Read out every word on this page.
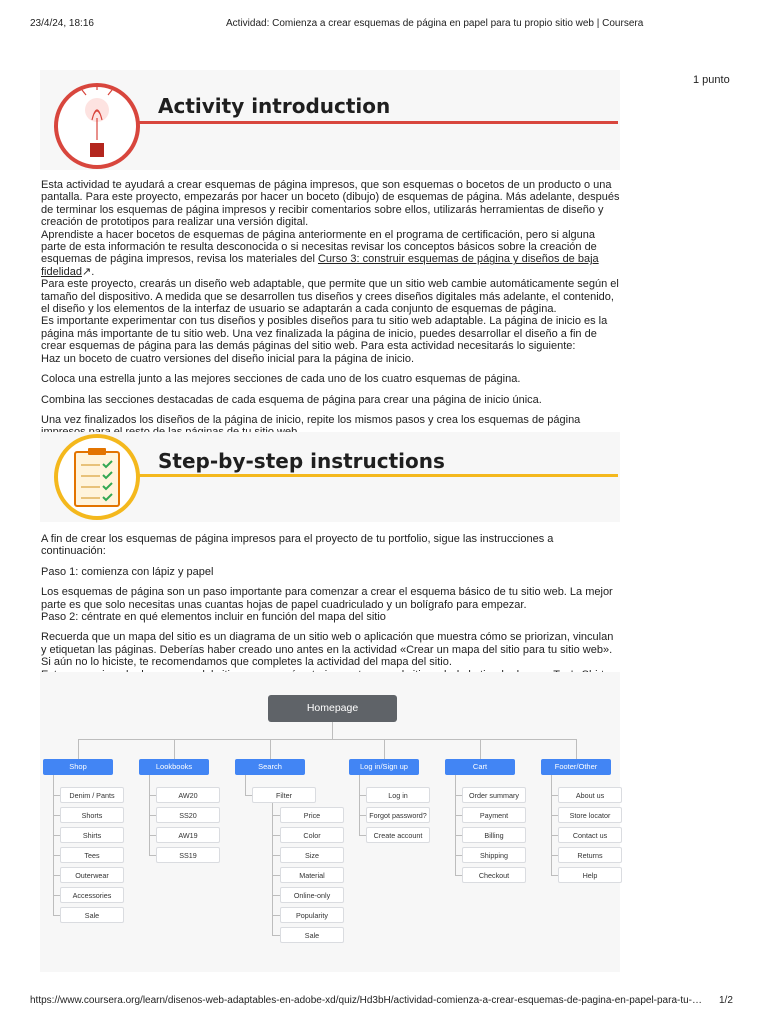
23/4/24, 18:16	Actividad: Comienza a crear esquemas de página en papel para tu propio sitio web | Coursera
1 punto
Activity introduction

Esta actividad te ayudará a crear esquemas de página impresos, que son esquemas o bocetos de un producto o una pantalla. Para este proyecto, empezarás por hacer un boceto (dibujo) de esquemas de página. Más adelante, después de terminar los esquemas de página impresos y recibir comentarios sobre ellos, utilizarás herramientas de diseño y creación de prototipos para realizar una versión digital.

Aprendiste a hacer bocetos de esquemas de página anteriormente en el programa de certificación, pero si alguna parte de esta información te resulta desconocida o si necesitas revisar los conceptos básicos sobre la creación de esquemas de página impresos, revisa los materiales del Curso 3: construir esquemas de página y diseños de baja fidelidad↗.

Para este proyecto, crearás un diseño web adaptable, que permite que un sitio web cambie automáticamente según el tamaño del dispositivo. A medida que se desarrollen tus diseños y crees diseños digitales más adelante, el contenido, el diseño y los elementos de la interfaz de usuario se adaptarán a cada conjunto de esquemas de página.

Es importante experimentar con tus diseños y posibles diseños para tu sitio web adaptable. La página de inicio es la página más importante de tu sitio web. Una vez finalizada la página de inicio, puedes desarrollar el diseño a fin de crear esquemas de página para las demás páginas del sitio web. Para esta actividad necesitarás lo siguiente:

Haz un boceto de cuatro versiones del diseño inicial para la página de inicio.

Coloca una estrella junto a las mejores secciones de cada uno de los cuatro esquemas de página.

Combina las secciones destacadas de cada esquema de página para crear una página de inicio única.

Una vez finalizados los diseños de la página de inicio, repite los mismos pasos y crea los esquemas de página

Step-by-step instructions

A fin de crear los esquemas de página impresos para el proyecto de tu portfolio, sigue las instrucciones a continuación:

Paso 1: comienza con lápiz y papel

Los esquemas de página son un paso importante para comenzar a crear el esquema básico de tu sitio web. La mejor parte es que solo necesitas unas cuantas hojas de papel cuadriculado y un bolígrafo para empezar.

Paso 2: céntrate en qué elementos incluir en función del mapa del sitio

Recuerda que un mapa del sitio es un diagrama de un sitio web o aplicación que muestra cómo se priorizan, vinculan y etiquetan las páginas. Deberías haber creado uno antes en la actividad «Crear un mapa del sitio para tu sitio web». Si aún no lo hiciste, te recomendamos que completes la actividad del mapa del sitio.

Homepage
Shop
Denim / Pants
Shorts
Shirts
Tees
Outerwear
Accessories
Sale
Lookbooks
AW20
SS20
AW19
SS19
Search
Filter
Price
Color
Size
Material
Online-only
Popularity
Sale
Log in/Sign up
Log in
Forgot password?
Create account
Cart
Order summary
Payment
Billing
Shipping
Checkout
Footer/Other
About us
Store locator
Contact us
Returns
Help
https://www.coursera.org/learn/disenos-web-adaptables-en-adobe-xd/quiz/Hd3bH/actividad-comienza-a-crear-esquemas-de-pagina-en-papel-para-tu-… 1/2
